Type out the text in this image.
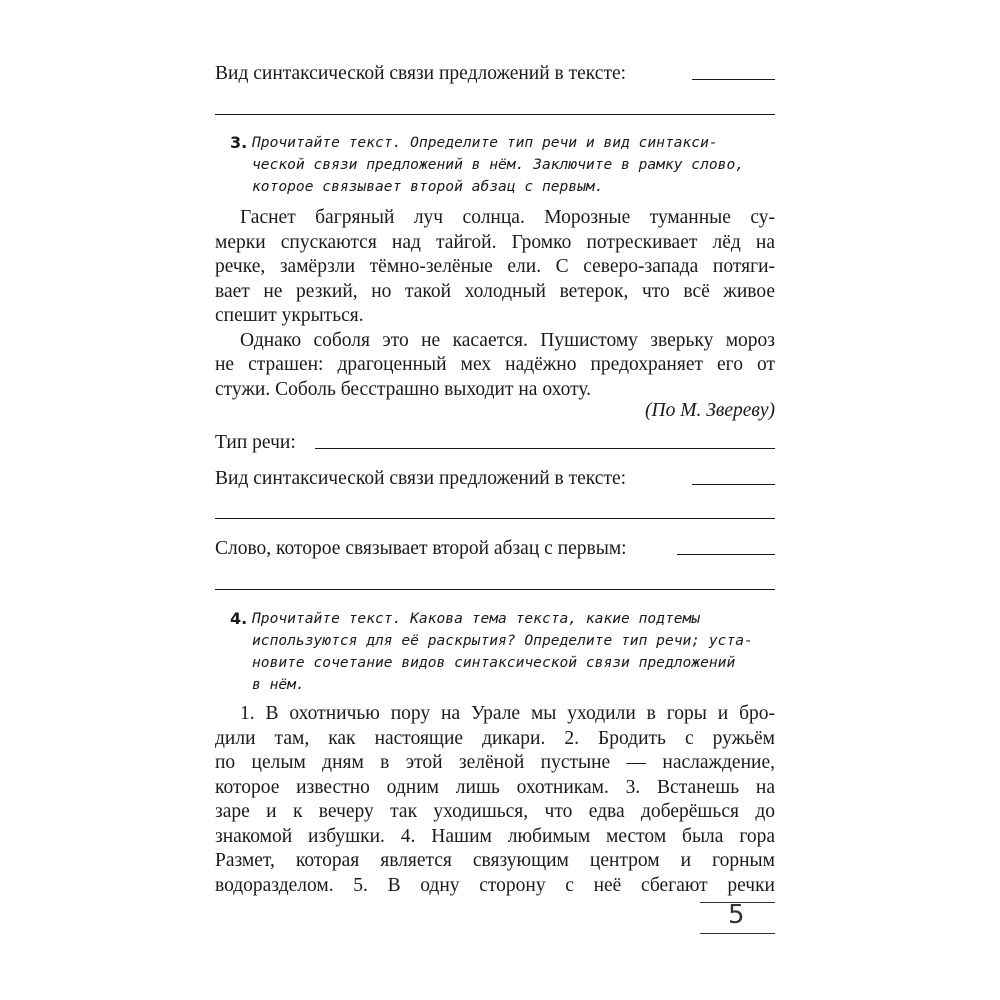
Вид синтаксической связи предложений в тексте:
3. Прочитайте текст. Определите тип речи и вид синтакси-
ческой связи предложений в нём. Заключите в рамку слово,
которое связывает второй абзац с первым.
Гаснет багряный луч солнца. Морозные туманные су-
мерки спускаются над тайгой. Громко потрескивает лёд на
речке, замёрзли тёмно-зелёные ели. С северо-запада потяги-
вает не резкий, но такой холодный ветерок, что всё живое
спешит укрыться.
Однако соболя это не касается. Пушистому зверьку мороз
не страшен: драгоценный мех надёжно предохраняет его от
стужи. Соболь бесстрашно выходит на охоту.
(По М. Звереву)
Тип речи:
Вид синтаксической связи предложений в тексте:
Слово, которое связывает второй абзац с первым:
4. Прочитайте текст. Какова тема текста, какие подтемы
используются для её раскрытия? Определите тип речи; уста-
новите сочетание видов синтаксической связи предложений
в нём.
1. В охотничью пору на Урале мы уходили в горы и бро-
дили там, как настоящие дикари. 2. Бродить с ружьём
по целым дням в этой зелёной пустыне — наслаждение,
которое известно одним лишь охотникам. 3. Встанешь на
заре и к вечеру так уходишься, что едва доберёшься до
знакомой избушки. 4. Нашим любимым местом была гора
Размет, которая является связующим центром и горным
водоразделом. 5. В одну сторону с неё сбегают речки
5
